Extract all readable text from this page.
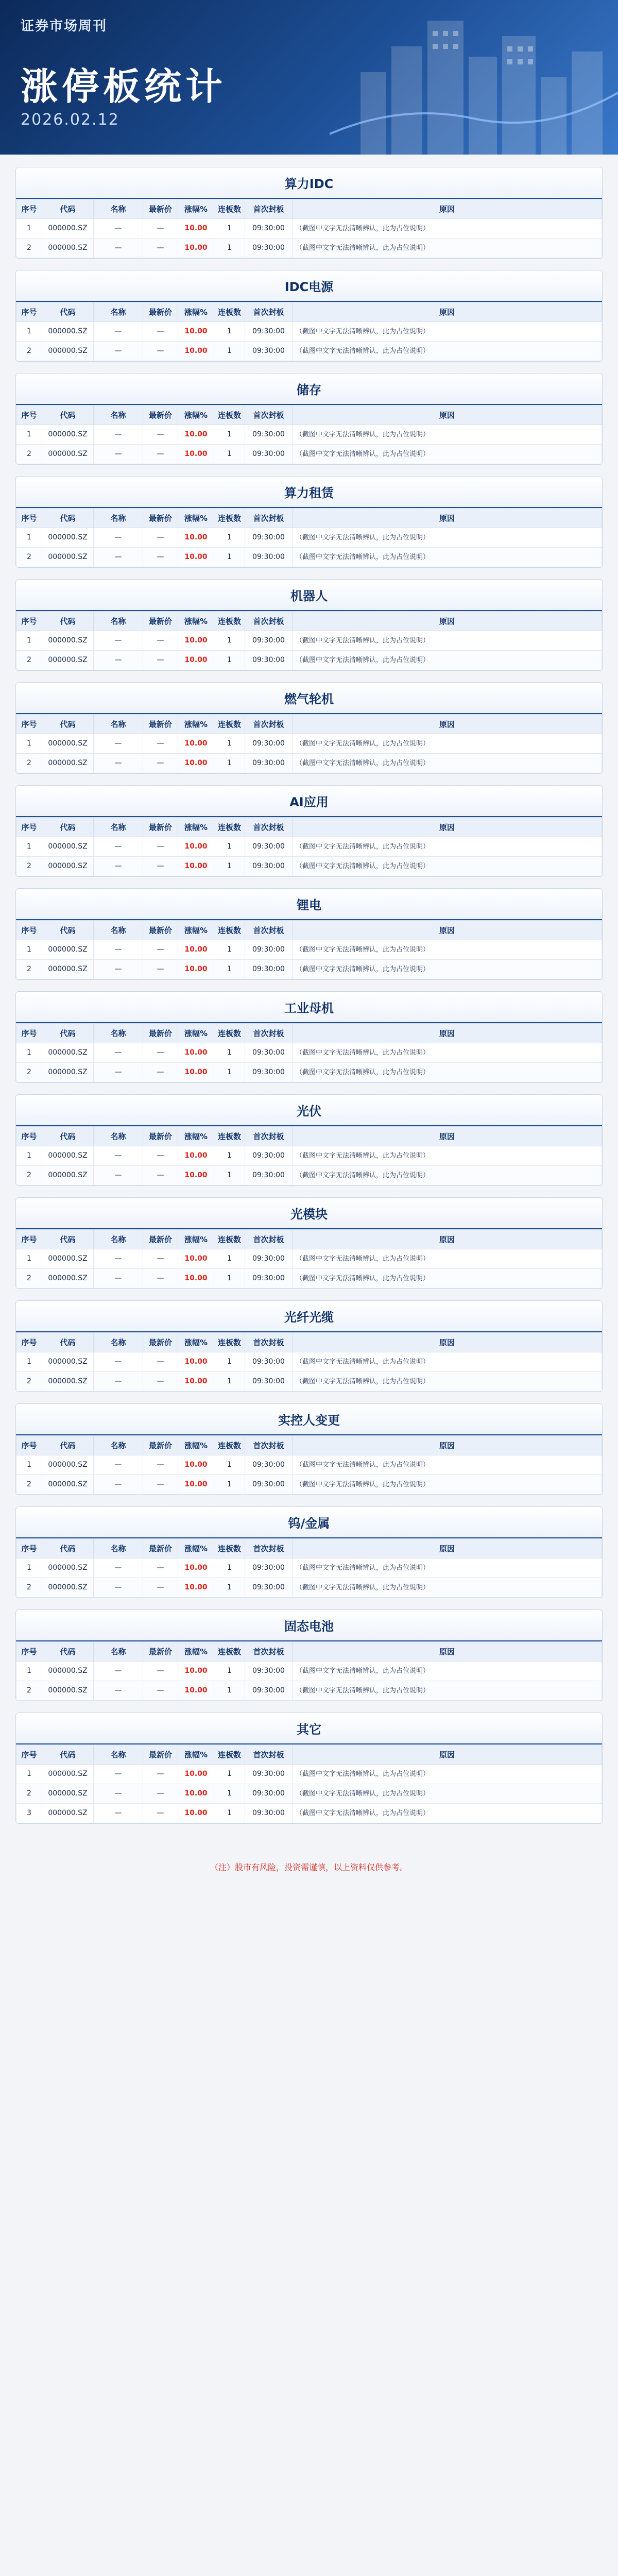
证券市场周刊
涨停板统计
2026.02.12
算力IDC
序号	代码	名称	最新价	涨幅%	连板数	首次封板	原因
1	000000.SZ	—	—	10.00	1	09:30:00	（截图中文字无法清晰辨认，此为占位说明）
2	000000.SZ	—	—	10.00	1	09:30:00	（截图中文字无法清晰辨认，此为占位说明）
IDC电源
序号	代码	名称	最新价	涨幅%	连板数	首次封板	原因
1	000000.SZ	—	—	10.00	1	09:30:00	（截图中文字无法清晰辨认，此为占位说明）
2	000000.SZ	—	—	10.00	1	09:30:00	（截图中文字无法清晰辨认，此为占位说明）
储存
序号	代码	名称	最新价	涨幅%	连板数	首次封板	原因
1	000000.SZ	—	—	10.00	1	09:30:00	（截图中文字无法清晰辨认，此为占位说明）
2	000000.SZ	—	—	10.00	1	09:30:00	（截图中文字无法清晰辨认，此为占位说明）
算力租赁
序号	代码	名称	最新价	涨幅%	连板数	首次封板	原因
1	000000.SZ	—	—	10.00	1	09:30:00	（截图中文字无法清晰辨认，此为占位说明）
2	000000.SZ	—	—	10.00	1	09:30:00	（截图中文字无法清晰辨认，此为占位说明）
机器人
序号	代码	名称	最新价	涨幅%	连板数	首次封板	原因
1	000000.SZ	—	—	10.00	1	09:30:00	（截图中文字无法清晰辨认，此为占位说明）
2	000000.SZ	—	—	10.00	1	09:30:00	（截图中文字无法清晰辨认，此为占位说明）
燃气轮机
序号	代码	名称	最新价	涨幅%	连板数	首次封板	原因
1	000000.SZ	—	—	10.00	1	09:30:00	（截图中文字无法清晰辨认，此为占位说明）
2	000000.SZ	—	—	10.00	1	09:30:00	（截图中文字无法清晰辨认，此为占位说明）
AI应用
序号	代码	名称	最新价	涨幅%	连板数	首次封板	原因
1	000000.SZ	—	—	10.00	1	09:30:00	（截图中文字无法清晰辨认，此为占位说明）
2	000000.SZ	—	—	10.00	1	09:30:00	（截图中文字无法清晰辨认，此为占位说明）
锂电
序号	代码	名称	最新价	涨幅%	连板数	首次封板	原因
1	000000.SZ	—	—	10.00	1	09:30:00	（截图中文字无法清晰辨认，此为占位说明）
2	000000.SZ	—	—	10.00	1	09:30:00	（截图中文字无法清晰辨认，此为占位说明）
工业母机
序号	代码	名称	最新价	涨幅%	连板数	首次封板	原因
1	000000.SZ	—	—	10.00	1	09:30:00	（截图中文字无法清晰辨认，此为占位说明）
2	000000.SZ	—	—	10.00	1	09:30:00	（截图中文字无法清晰辨认，此为占位说明）
光伏
序号	代码	名称	最新价	涨幅%	连板数	首次封板	原因
1	000000.SZ	—	—	10.00	1	09:30:00	（截图中文字无法清晰辨认，此为占位说明）
2	000000.SZ	—	—	10.00	1	09:30:00	（截图中文字无法清晰辨认，此为占位说明）
光模块
序号	代码	名称	最新价	涨幅%	连板数	首次封板	原因
1	000000.SZ	—	—	10.00	1	09:30:00	（截图中文字无法清晰辨认，此为占位说明）
2	000000.SZ	—	—	10.00	1	09:30:00	（截图中文字无法清晰辨认，此为占位说明）
光纤光缆
序号	代码	名称	最新价	涨幅%	连板数	首次封板	原因
1	000000.SZ	—	—	10.00	1	09:30:00	（截图中文字无法清晰辨认，此为占位说明）
2	000000.SZ	—	—	10.00	1	09:30:00	（截图中文字无法清晰辨认，此为占位说明）
实控人变更
序号	代码	名称	最新价	涨幅%	连板数	首次封板	原因
1	000000.SZ	—	—	10.00	1	09:30:00	（截图中文字无法清晰辨认，此为占位说明）
2	000000.SZ	—	—	10.00	1	09:30:00	（截图中文字无法清晰辨认，此为占位说明）
钨/金属
序号	代码	名称	最新价	涨幅%	连板数	首次封板	原因
1	000000.SZ	—	—	10.00	1	09:30:00	（截图中文字无法清晰辨认，此为占位说明）
2	000000.SZ	—	—	10.00	1	09:30:00	（截图中文字无法清晰辨认，此为占位说明）
固态电池
序号	代码	名称	最新价	涨幅%	连板数	首次封板	原因
1	000000.SZ	—	—	10.00	1	09:30:00	（截图中文字无法清晰辨认，此为占位说明）
2	000000.SZ	—	—	10.00	1	09:30:00	（截图中文字无法清晰辨认，此为占位说明）
其它
序号	代码	名称	最新价	涨幅%	连板数	首次封板	原因
1	000000.SZ	—	—	10.00	1	09:30:00	（截图中文字无法清晰辨认，此为占位说明）
2	000000.SZ	—	—	10.00	1	09:30:00	（截图中文字无法清晰辨认，此为占位说明）
3	000000.SZ	—	—	10.00	1	09:30:00	（截图中文字无法清晰辨认，此为占位说明）
（注）股市有风险，投资需谨慎，以上资料仅供参考。
